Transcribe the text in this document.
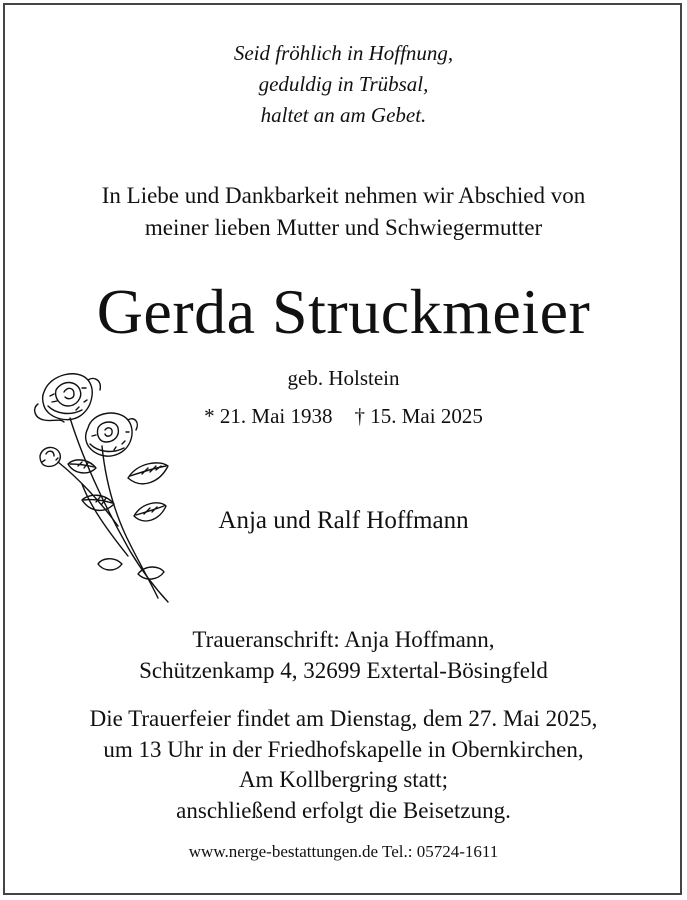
Seid fröhlich in Hoffnung,
geduldig in Trübsal,
haltet an am Gebet.
In Liebe und Dankbarkeit nehmen wir Abschied von
meiner lieben Mutter und Schwiegermutter
Gerda Struckmeier
geb. Holstein
* 21. Mai 1938 † 15. Mai 2025
Anja und Ralf Hoffmann
Traueranschrift: Anja Hoffmann,
Schützenkamp 4, 32699 Extertal-Bösingfeld
Die Trauerfeier findet am Dienstag, dem 27. Mai 2025,
um 13 Uhr in der Friedhofskapelle in Obernkirchen,
Am Kollbergring statt;
anschließend erfolgt die Beisetzung.
www.nerge-bestattungen.de Tel.: 05724-1611
